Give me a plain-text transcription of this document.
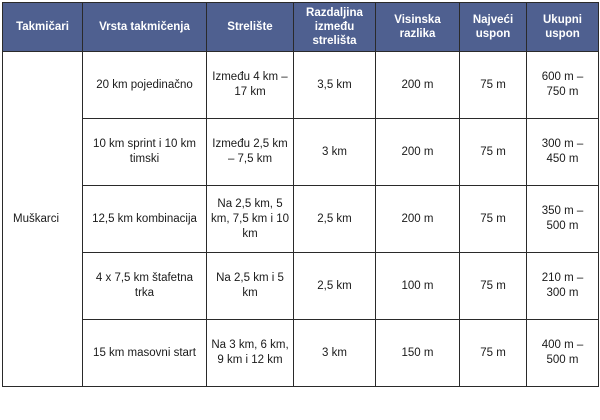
Takmičari	Vrsta takmičenja	Strelište	Razdaljina između strelišta	Visinska razlika	Najveći uspon	Ukupni uspon
Muškarci	20 km pojedinačno	Između 4 km – 17 km	3,5 km	200 m	75 m	600 m – 750 m
	10 km sprint i 10 km timski	Između 2,5 km – 7,5 km	3 km	200 m	75 m	300 m – 450 m
	12,5 km kombinacija	Na 2,5 km, 5 km, 7,5 km i 10 km	2,5 km	200 m	75 m	350 m – 500 m
	4 x 7,5 km štafetna trka	Na 2,5 km i 5 km	2,5 km	100 m	75 m	210 m – 300 m
	15 km masovni start	Na 3 km, 6 km, 9 km i 12 km	3 km	150 m	75 m	400 m – 500 m
